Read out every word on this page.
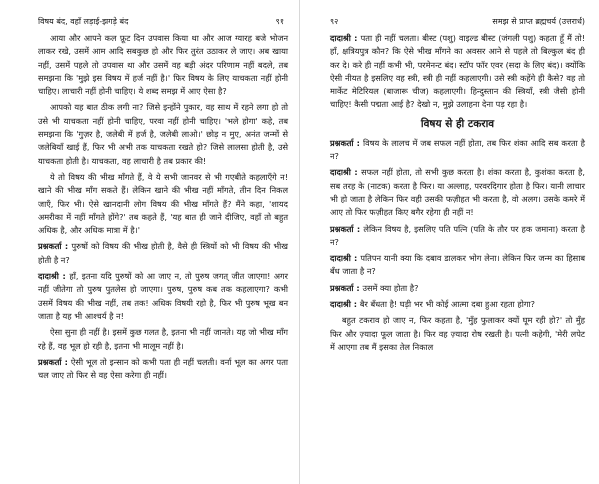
विषय बंद, वहाँ लड़ाई-झगड़े बंद	९१

आया और आपने कल फ़ूट दिन उपवास किया था और आज ग्यारह बजे भोजन लाकर रखे, उसमें आम आदि सबकुछ हो और फिर तुरंत उठाकर ले जाए। अब खाया नहीं, उसमें पहले तो उपवास था और उसमें वह बड़ी अंदर परिणाम नहीं बदले, तब समझना कि 'मुझे इस विषय में हर्ज नहीं है।' फिर विषय के लिए याचकता नहीं होनी चाहिए। लाचारी नहीं होनी चाहिए। ये शब्द समझ में आए ऐसा है?

आपको यह बात ठीक लगी ना? जिसे इन्होंने पुकार, वह साथ में रहने लगा हो तो उसे भी याचकता नहीं होनी चाहिए, परवा नहीं होनी चाहिए। 'भले होगा' कहे, तब समझना कि 'गुज़र है, जलेबी में हर्ज है, जलेबी लाओ।' छोड़ न मुए, अनंत जन्मों से जलेबियाँ खाई हैं, फिर भी अभी तक याचकता रखते हो? जिसे लालसा होती है, उसे याचकता होती है। याचकता, वह लाचारी है तब प्रकार की!

ये तो विषय की भीख माँगते हैं, वे ये सभी जानवर से भी गएबीते कहलाएँगे न! खाने की भीख माँग सकते हैं। लेकिन खाने की भीख नहीं माँगते, तीन दिन निकल जाएँ, फिर भी। ऐसे खानदानी लोग विषय की भीख माँगते हैं? मैंने कहा, 'शायद अमरीका में नहीं माँगते होंगे?' तब कहते हैं, 'यह बात ही जाने दीजिए, वहाँ तो बहुत अधिक है, और अधिक मात्रा में है।'

प्रश्नकर्ता : पुरुषों को विषय की भीख होती है, वैसे ही स्त्रियों को भी विषय की भीख होती है न?

दादाश्री : हाँ, इतना यदि पुरुषों को आ जाए न, तो पुरुष जगत् जीत जाएगा! अगर नहीं जीतेगा तो पुरुष पुतलेस हो जाएगा। पुरुष, पुरुष कब तक कहलाएगा? कभी उसमें विषय की भीख नहीं, तब तक! अधिक विषयी रहो है, फिर भी पुरुष भूख बन जाता है यह भी आश्चर्य है न!

ऐसा सुना ही नहीं है। इसमें कुछ गलत है, इतना भी नहीं जानते। यह जो भीख माँग रहे हैं, वह भूल हो रही है, इतना भी मालूम नहीं है।

प्रश्नकर्ता : ऐसी भूल तो इन्सान को कभी पता ही नहीं चलती। वर्ना भूल का अगर पता चल जाए तो फिर से वह ऐसा करेगा ही नहीं।

९२	समझ से प्राप्त ब्रह्मचर्य (उत्तरार्ध)

दादाश्री : पता ही नहीं चलता। बीस्ट (पशु) वाइल्ड बीस्ट (जंगली पशु) कहता हूँ मैं तो! हाँ, क्षत्रियपुत्र कौन? कि ऐसे भीख माँगने का अवसर आने से पहले तो बिल्कुल बंद ही कर दे। करे ही नहीं कभी भी, परमेनन्ट बंद। स्टॉप फॉर एवर (सदा के लिए बंद)। क्योंकि ऐसी नीयत है इसलिए वह स्त्री, स्त्री ही नहीं कहलाएगी। उसे स्त्री कहेंगे ही कैसे? वह तो मार्केट मेटिरियल (बाजारू चीज) कहलाएगी। हिन्दुस्तान की स्त्रियाँ, स्त्री जैसी होनी चाहिए! कैसी पद्मता आई है? देखो न, मुझे उलाहना देना पड़ रहा है।

विषय से ही टकराव

प्रश्नकर्ता : विषय के लालच में जब सफल नहीं होता, तब फिर शंका आदि सब करता है न?

दादाश्री : सफल नहीं होता, तो सभी कुछ करता है। शंका करता है, कुशंका करता है, सब तरह के (नाटक) करता है फिर। या अल्लाह, परवरदिगार होता है फिर। यानी लाचार भी हो जाता है लेकिन फिर वही उसकी फज़ीहत भी करता है, वो अलग। उसके कमरे में आए तो फिर फज़ीहत किए बगैर रहेगा ही नहीं न!

प्रश्नकर्ता : लेकिन विषय है, इसलिए पति पत्नि (पति के तौर पर हक जमाना) करता है न?

दादाश्री : पतिपन यानी क्या कि दबाव डालकर भोग लेना। लेकिन फिर जन्म का हिसाब बँध जाता है न?

प्रश्नकर्ता : उसमें क्या होता है?

दादाश्री : बैर बँधता है! घड़ी भर भी कोई आत्मा दबा हुआ रहता होगा?

बहुत टकराव हो जाए न, फिर कहता है, 'मुँह फुलाकर क्यों घूम रही हो?' तो मुँह फिर और ज़्यादा फूल जाता है। फिर वह ज़्यादा रोष रखती है। पत्नी कहेगी, 'मेरी लपेट में आएगा तब मैं इसका तेल निकाल
